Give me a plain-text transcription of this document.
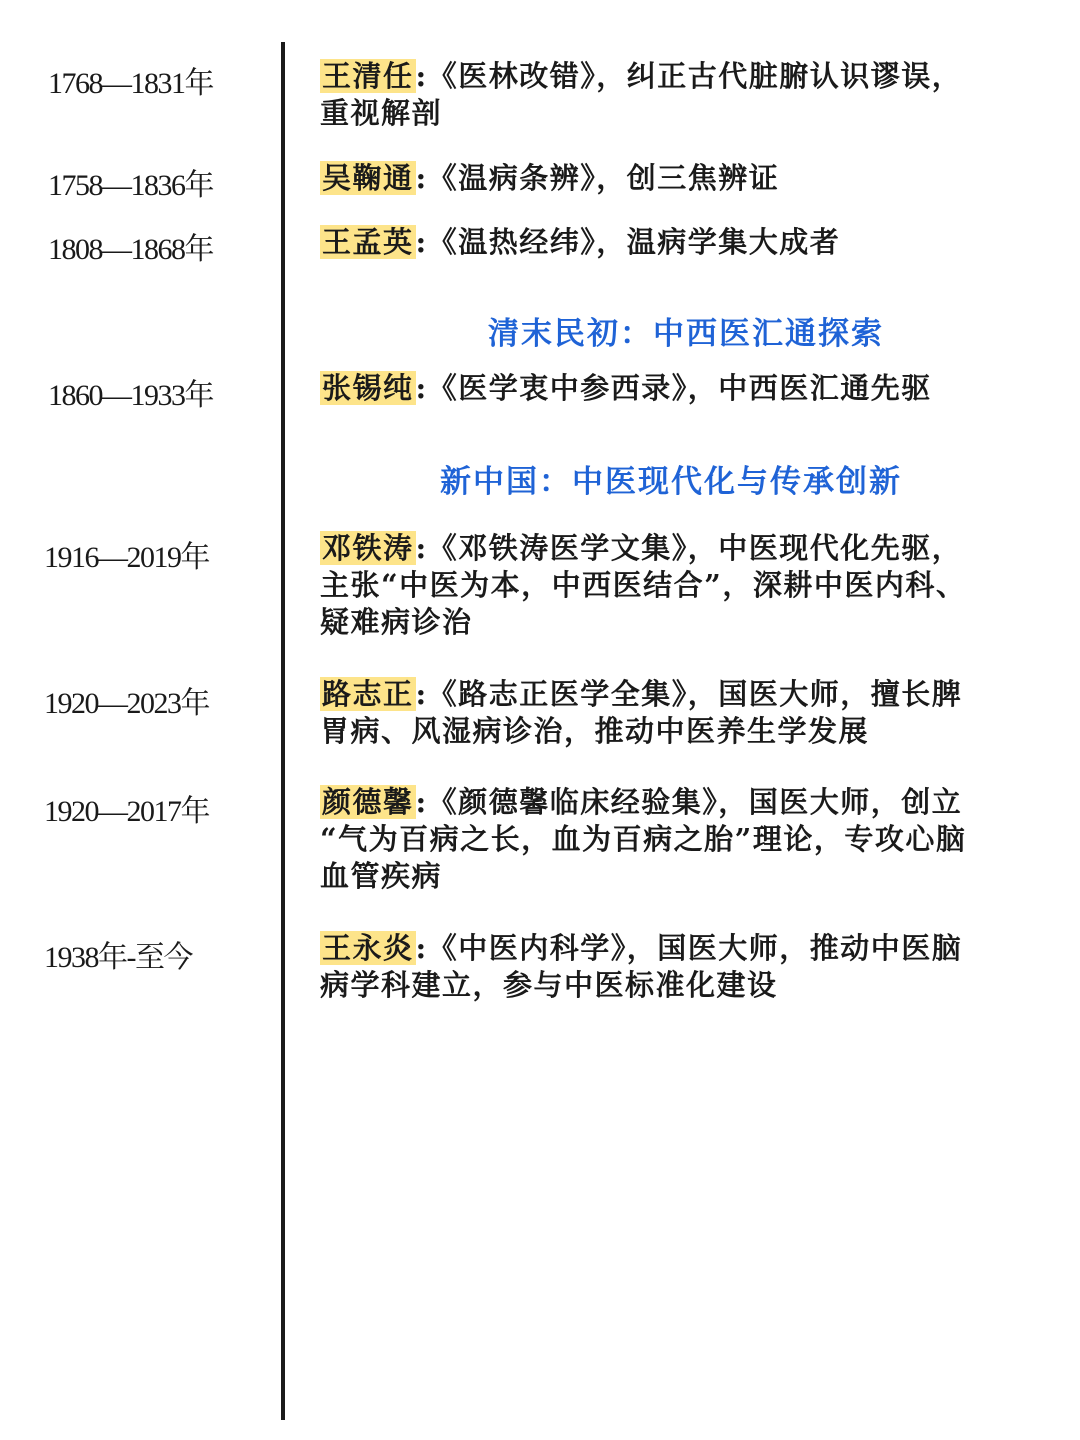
1768—1831年	王清任:《医林改错》，纠正古代脏腑认识谬误，
重视解剖
1758—1836年	吴鞠通:《温病条辨》，创三焦辨证
1808—1868年	王孟英:《温热经纬》，温病学集大成者
清末民初：中西医汇通探索
1860—1933年	张锡纯:《医学衷中参西录》，中西医汇通先驱
新中国：中医现代化与传承创新
1916—2019年	邓铁涛:《邓铁涛医学文集》，中医现代化先驱，
主张“中医为本，中西医结合”，深耕中医内科、
疑难病诊治
1920—2023年	路志正:《路志正医学全集》，国医大师，擅长脾
胃病、风湿病诊治，推动中医养生学发展
1920—2017年	颜德馨:《颜德馨临床经验集》，国医大师，创立
“气为百病之长，血为百病之胎”理论，专攻心脑
血管疾病
1938年-至今	王永炎:《中医内科学》，国医大师，推动中医脑
病学科建立，参与中医标准化建设
